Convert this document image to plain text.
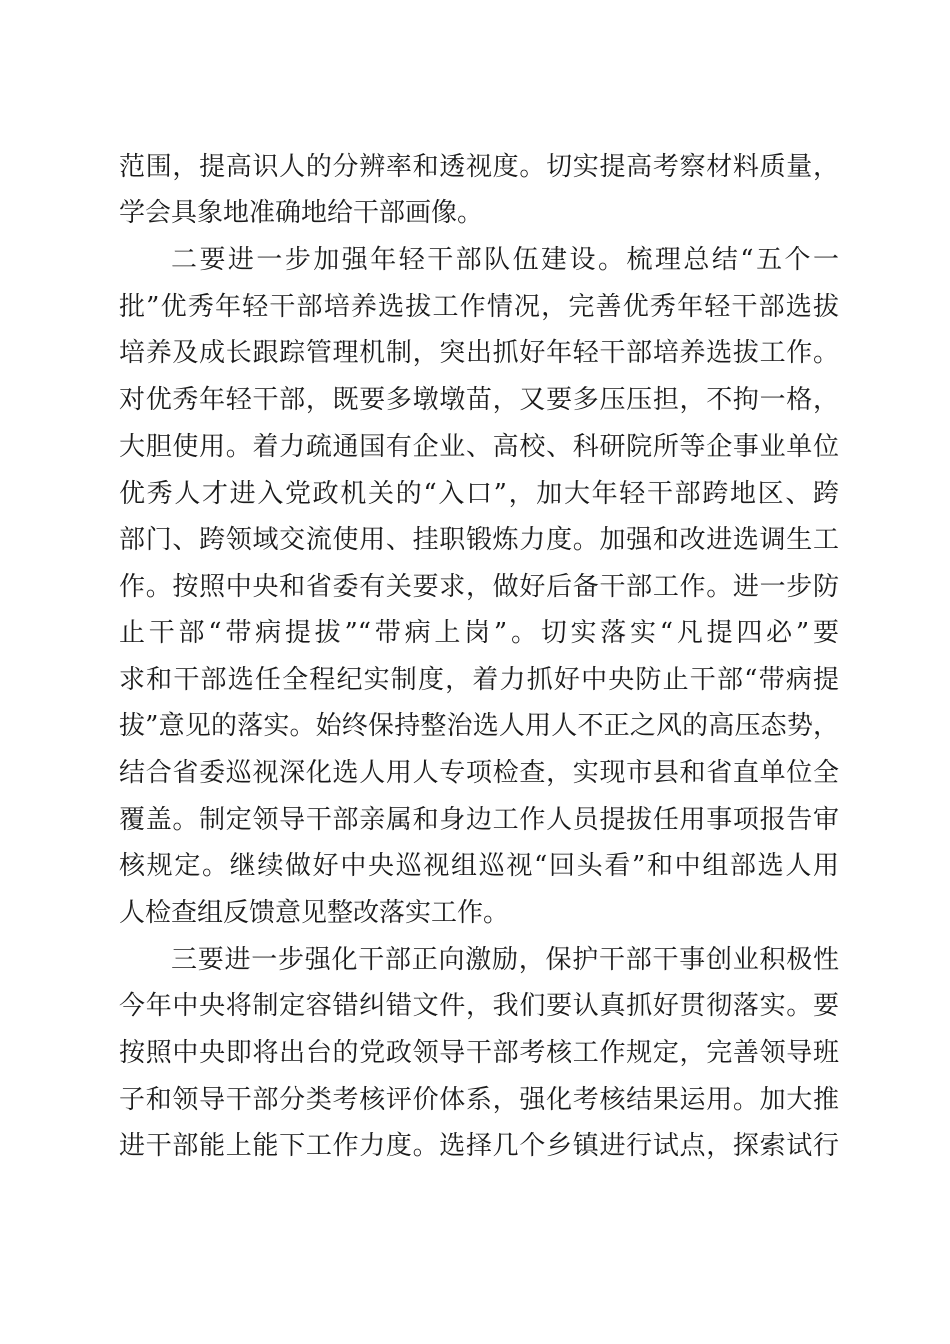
范围，提高识人的分辨率和透视度。切实提高考察材料质量，
学会具象地准确地给干部画像。
二要进一步加强年轻干部队伍建设。梳理总结“五个一
批”优秀年轻干部培养选拔工作情况，完善优秀年轻干部选拔
培养及成长跟踪管理机制，突出抓好年轻干部培养选拔工作。
对优秀年轻干部，既要多墩墩苗，又要多压压担，不拘一格，
大胆使用。着力疏通国有企业、高校、科研院所等企事业单位
优秀人才进入党政机关的“入口”，加大年轻干部跨地区、跨
部门、跨领域交流使用、挂职锻炼力度。加强和改进选调生工
作。按照中央和省委有关要求，做好后备干部工作。进一步防
止干部“带病提拔”“带病上岗”。切实落实“凡提四必”要
求和干部选任全程纪实制度，着力抓好中央防止干部“带病提
拔”意见的落实。始终保持整治选人用人不正之风的高压态势，
结合省委巡视深化选人用人专项检查，实现市县和省直单位全
覆盖。制定领导干部亲属和身边工作人员提拔任用事项报告审
核规定。继续做好中央巡视组巡视“回头看”和中组部选人用
人检查组反馈意见整改落实工作。
三要进一步强化干部正向激励，保护干部干事创业积极性
今年中央将制定容错纠错文件，我们要认真抓好贯彻落实。要
按照中央即将出台的党政领导干部考核工作规定，完善领导班
子和领导干部分类考核评价体系，强化考核结果运用。加大推
进干部能上能下工作力度。选择几个乡镇进行试点，探索试行
